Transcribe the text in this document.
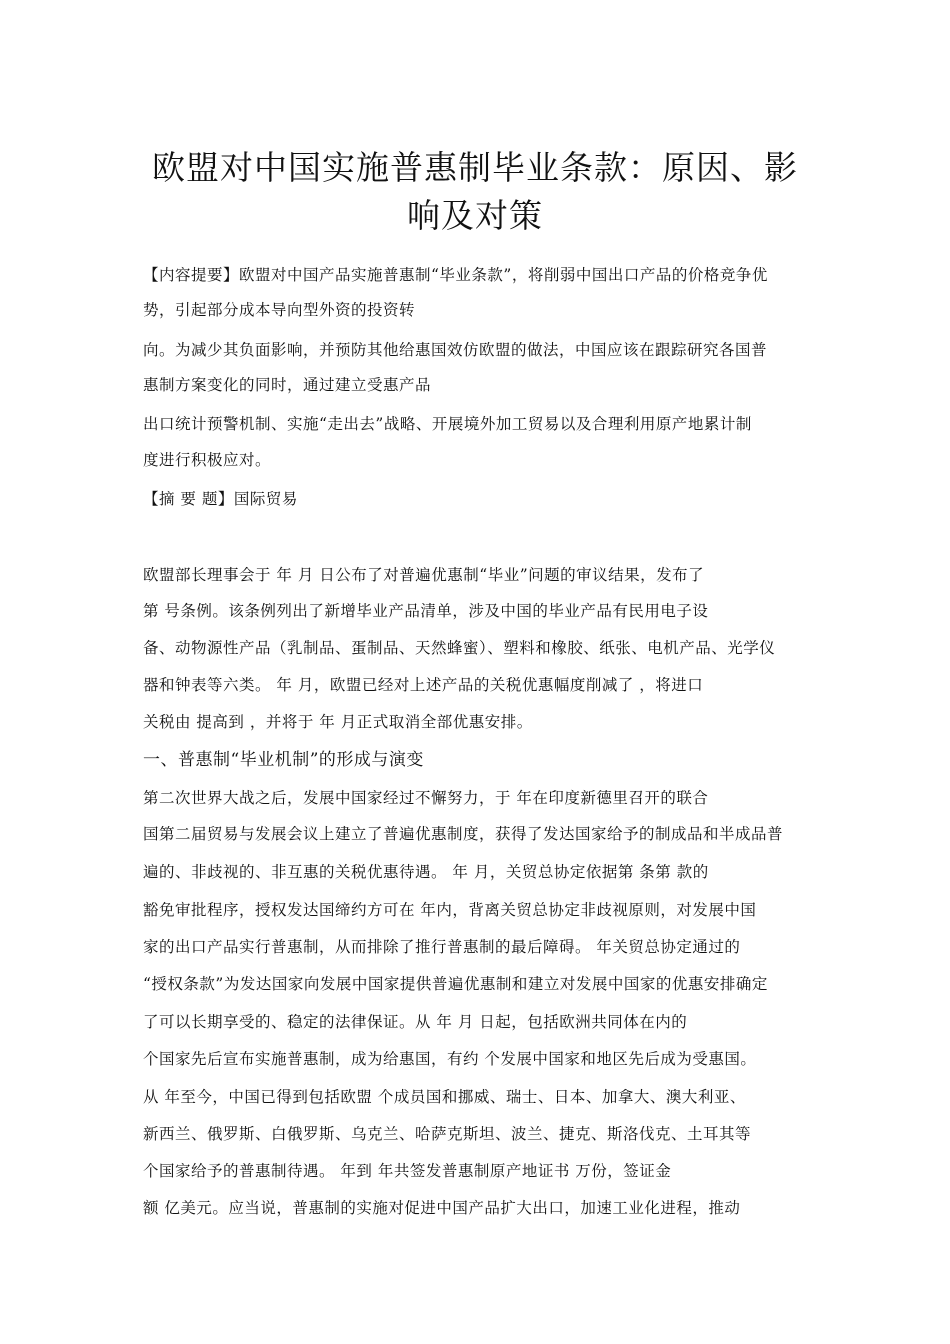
欧盟对中国实施普惠制毕业条款：原因、影
响及对策
【内容提要】欧盟对中国产品实施普惠制“毕业条款”，将削弱中国出口产品的价格竞争优
势，引起部分成本导向型外资的投资转
向。为减少其负面影响，并预防其他给惠国效仿欧盟的做法，中国应该在跟踪研究各国普
惠制方案变化的同时，通过建立受惠产品
出口统计预警机制、实施“走出去”战略、开展境外加工贸易以及合理利用原产地累计制
度进行积极应对。
【摘 要 题】国际贸易
欧盟部长理事会于 年 月 日公布了对普遍优惠制“毕业”问题的审议结果，发布了
第 号条例。该条例列出了新增毕业产品清单，涉及中国的毕业产品有民用电子设
备、动物源性产品（乳制品、蛋制品、天然蜂蜜）、塑料和橡胶、纸张、电机产品、光学仪
器和钟表等六类。 年 月，欧盟已经对上述产品的关税优惠幅度削减了 ，将进口
关税由 提高到 ，并将于 年 月正式取消全部优惠安排。
一、普惠制“毕业机制”的形成与演变
第二次世界大战之后，发展中国家经过不懈努力，于 年在印度新德里召开的联合
国第二届贸易与发展会议上建立了普遍优惠制度，获得了发达国家给予的制成品和半成品普
遍的、非歧视的、非互惠的关税优惠待遇。 年 月，关贸总协定依据第 条第 款的
豁免审批程序，授权发达国缔约方可在 年内，背离关贸总协定非歧视原则，对发展中国
家的出口产品实行普惠制，从而排除了推行普惠制的最后障碍。 年关贸总协定通过的
“授权条款”为发达国家向发展中国家提供普遍优惠制和建立对发展中国家的优惠安排确定
了可以长期享受的、稳定的法律保证。从 年 月 日起，包括欧洲共同体在内的
个国家先后宣布实施普惠制，成为给惠国，有约 个发展中国家和地区先后成为受惠国。
从 年至今，中国已得到包括欧盟 个成员国和挪威、瑞士、日本、加拿大、澳大利亚、
新西兰、俄罗斯、白俄罗斯、乌克兰、哈萨克斯坦、波兰、捷克、斯洛伐克、土耳其等
个国家给予的普惠制待遇。 年到 年共签发普惠制原产地证书 万份，签证金
额 亿美元。应当说，普惠制的实施对促进中国产品扩大出口，加速工业化进程，推动
